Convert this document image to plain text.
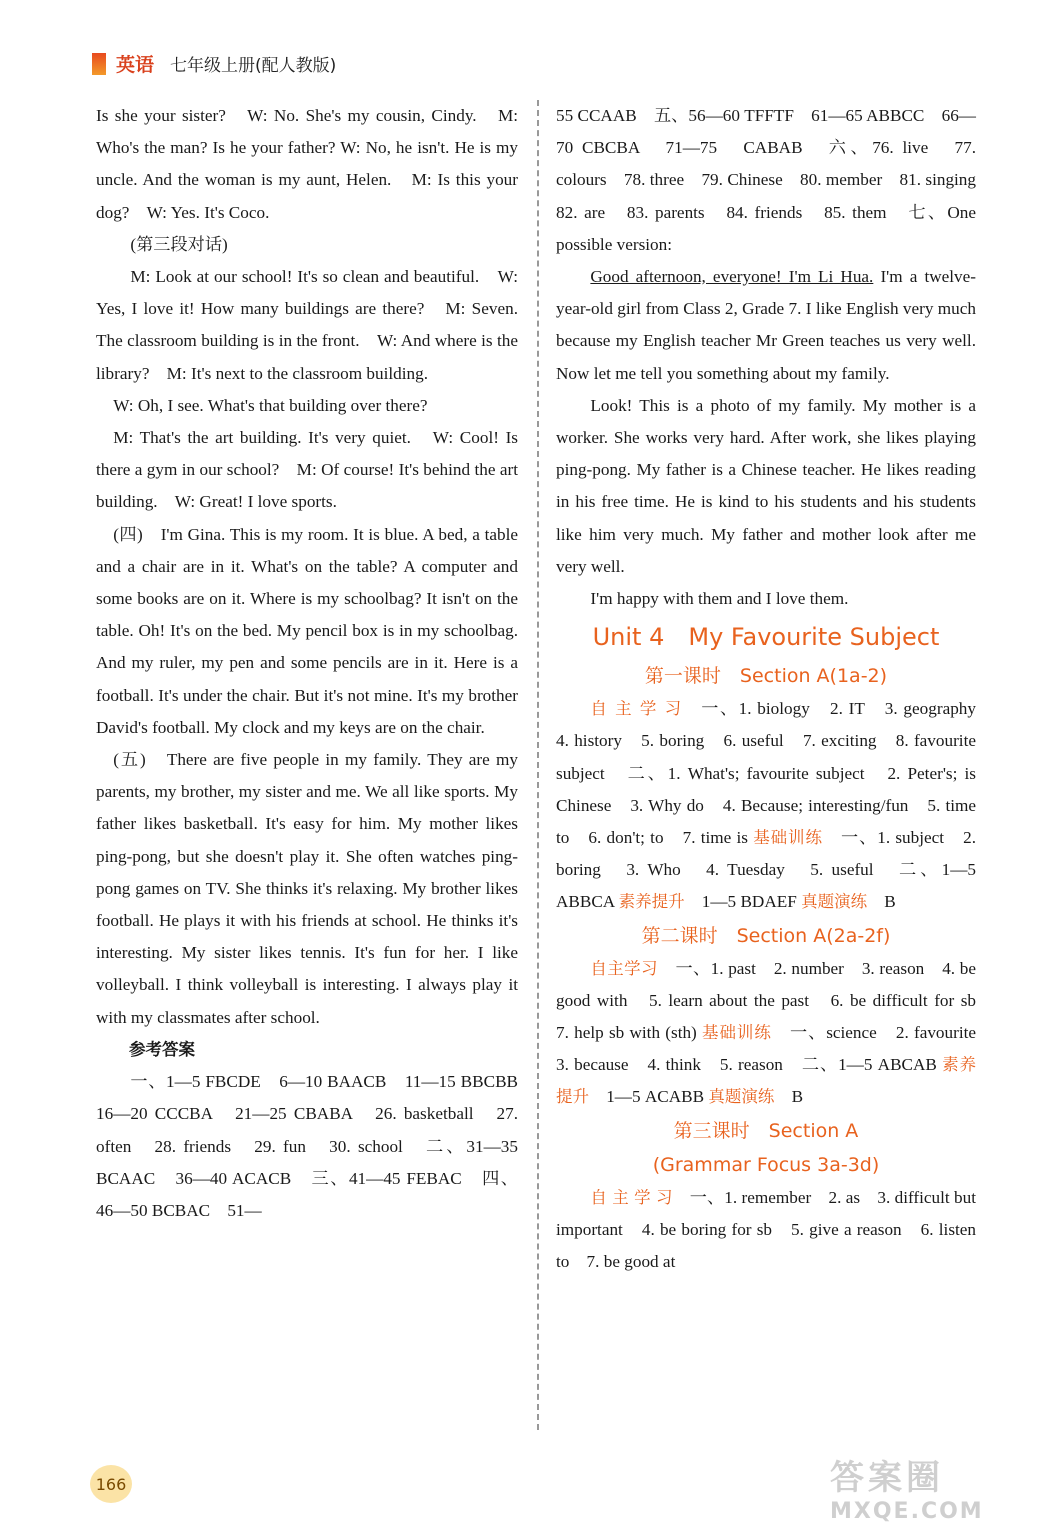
英语 七年级上册(配人教版)

Is she your sister?　W: No. She's my cousin, Cindy.　M: Who's the man? Is he your father? W: No, he isn't. He is my uncle. And the woman is my aunt, Helen.　M: Is this your dog?　W: Yes. It's Coco.

(第三段对话)

M: Look at our school! It's so clean and beautiful.　W: Yes, I love it! How many buildings are there?　M: Seven. The classroom building is in the front.　W: And where is the library?　M: It's next to the classroom building.

W: Oh, I see. What's that building over there?

M: That's the art building. It's very quiet.　W: Cool! Is there a gym in our school?　M: Of course! It's behind the art building.　W: Great! I love sports.

(四)　I'm Gina. This is my room. It is blue. A bed, a table and a chair are in it. What's on the table? A computer and some books are on it. Where is my schoolbag? It isn't on the table. Oh! It's on the bed. My pencil box is in my schoolbag. And my ruler, my pen and some pencils are in it. Here is a football. It's under the chair. But it's not mine. It's my brother David's football. My clock and my keys are on the chair.

(五)　There are five people in my family. They are my parents, my brother, my sister and me. We all like sports. My father likes basketball. It's easy for him. My mother likes ping-pong, but she doesn't play it. She often watches ping-pong games on TV. She thinks it's relaxing. My brother likes football. He plays it with his friends at school. He thinks it's interesting. My sister likes tennis. It's fun for her. I like volleyball. I think volleyball is interesting. I always play it with my classmates after school.

参考答案

一、1—5 FBCDE　6—10 BAACB　11—15 BBCBB　16—20 CCCBA　21—25 CBABA　26. basketball　27. often　28. friends　29. fun　30. school　二、31—35 BCAAC　36—40 ACACB　三、41—45 FEBAC　四、46—50 BCBAC　51—

55 CCAAB　五、56—60 TFFTF　61—65 ABBCC　66—70 CBCBA　71—75　CABAB　六、76. live　77. colours　78. three　79. Chinese　80. member　81. singing　82. are　83. parents　84. friends　85. them　七、One possible version:

Good afternoon, everyone! I'm Li Hua. I'm a twelve-year-old girl from Class 2, Grade 7. I like English very much because my English teacher Mr Green teaches us very well. Now let me tell you something about my family.

Look! This is a photo of my family. My mother is a worker. She works very hard. After work, she likes playing ping-pong. My father is a Chinese teacher. He likes reading in his free time. He is kind to his students and his students like him very much. My father and mother look after me very well.

I'm happy with them and I love them.

Unit 4　My Favourite Subject
第一课时　Section A(1a-2)

自 主 学 习　一、1. biology　2. IT　3. geography　4. history　5. boring　6. useful　7. exciting　8. favourite subject　二、1. What's; favourite subject　2. Peter's; is Chinese　3. Why do　4. Because; interesting/fun　5. time to　6. don't; to　7. time is 基础训练　一、1. subject　2. boring　3. Who　4. Tuesday　5. useful　二、1—5 ABBCA 素养提升　1—5 BDAEF 真题演练　B

第二课时　Section A(2a-2f)

自主学习　一、1. past　2. number　3. reason　4. be good with　5. learn about the past　6. be difficult for sb　7. help sb with (sth) 基础训练　一、science　2. favourite　3. because　4. think　5. reason　二、1—5 ABCAB 素养提升　1—5 ACABB 真题演练　B

第三课时　Section A
(Grammar Focus 3a-3d)

自 主 学 习　一、1. remember　2. as　3. difficult but important　4. be boring for sb　5. give a reason　6. listen to　7. be good at

166	答案圈
MXQE.COM
